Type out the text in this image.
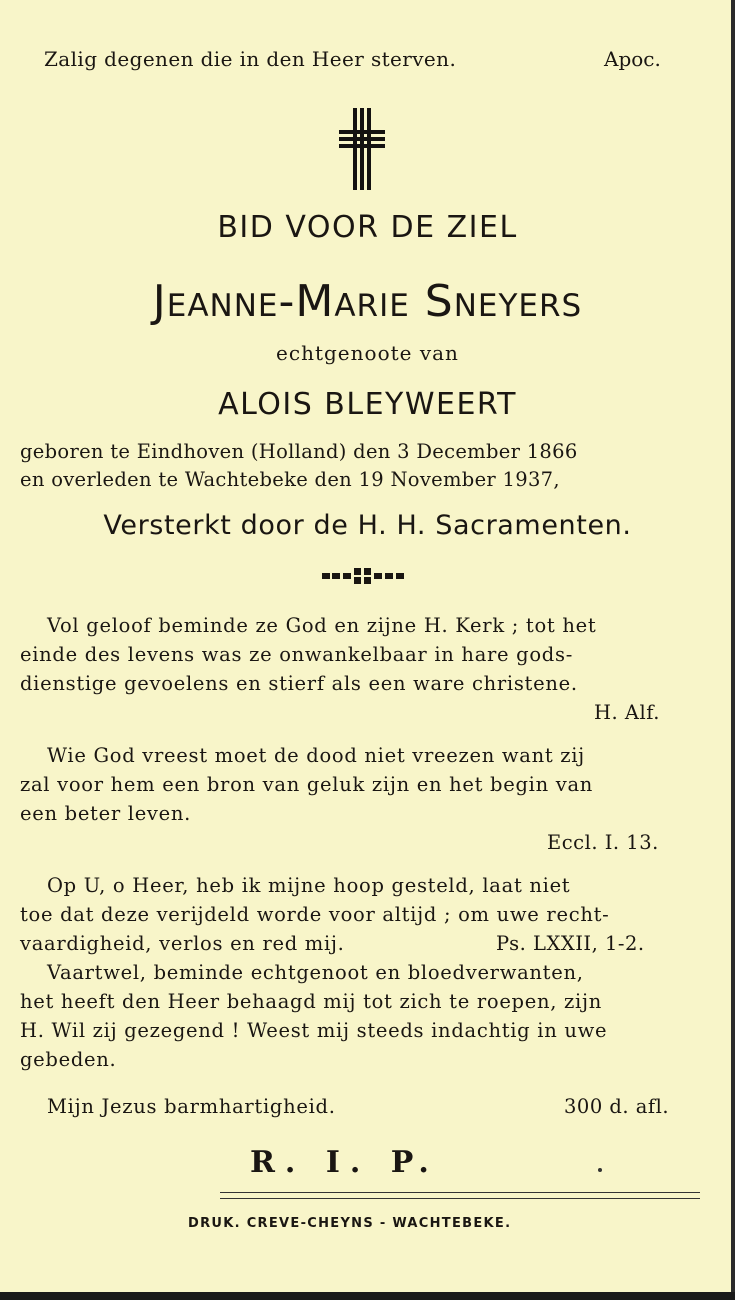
Zalig degenen die in den Heer sterven.	Apoc.
BID VOOR DE ZIEL
Jeanne-Marie Sneyers
echtgenoote van
ALOIS BLEYWEERT
geboren te Eindhoven (Holland) den 3 December 1866
en overleden te Wachtebeke den 19 November 1937,
Versterkt door de H. H. Sacramenten.
Vol geloof beminde ze God en zijne H. Kerk ; tot het
einde des levens was ze onwankelbaar in hare gods-
dienstige gevoelens en stierf als een ware christene.
H. Alf.
Wie God vreest moet de dood niet vreezen want zij
zal voor hem een bron van geluk zijn en het begin van
een beter leven.
Eccl. I. 13.
Op U, o Heer, heb ik mijne hoop gesteld, laat niet
toe dat deze verijdeld worde voor altijd ; om uwe recht-
vaardigheid, verlos en red mij.	Ps. LXXII, 1-2.
Vaartwel, beminde echtgenoot en bloedverwanten,
het heeft den Heer behaagd mij tot zich te roepen, zijn
H. Wil zij gezegend ! Weest mij steeds indachtig in uwe
gebeden.
Mijn Jezus barmhartigheid.	300 d. afl.
R. I. P.
DRUK. CREVE-CHEYNS - WACHTEBEKE.
